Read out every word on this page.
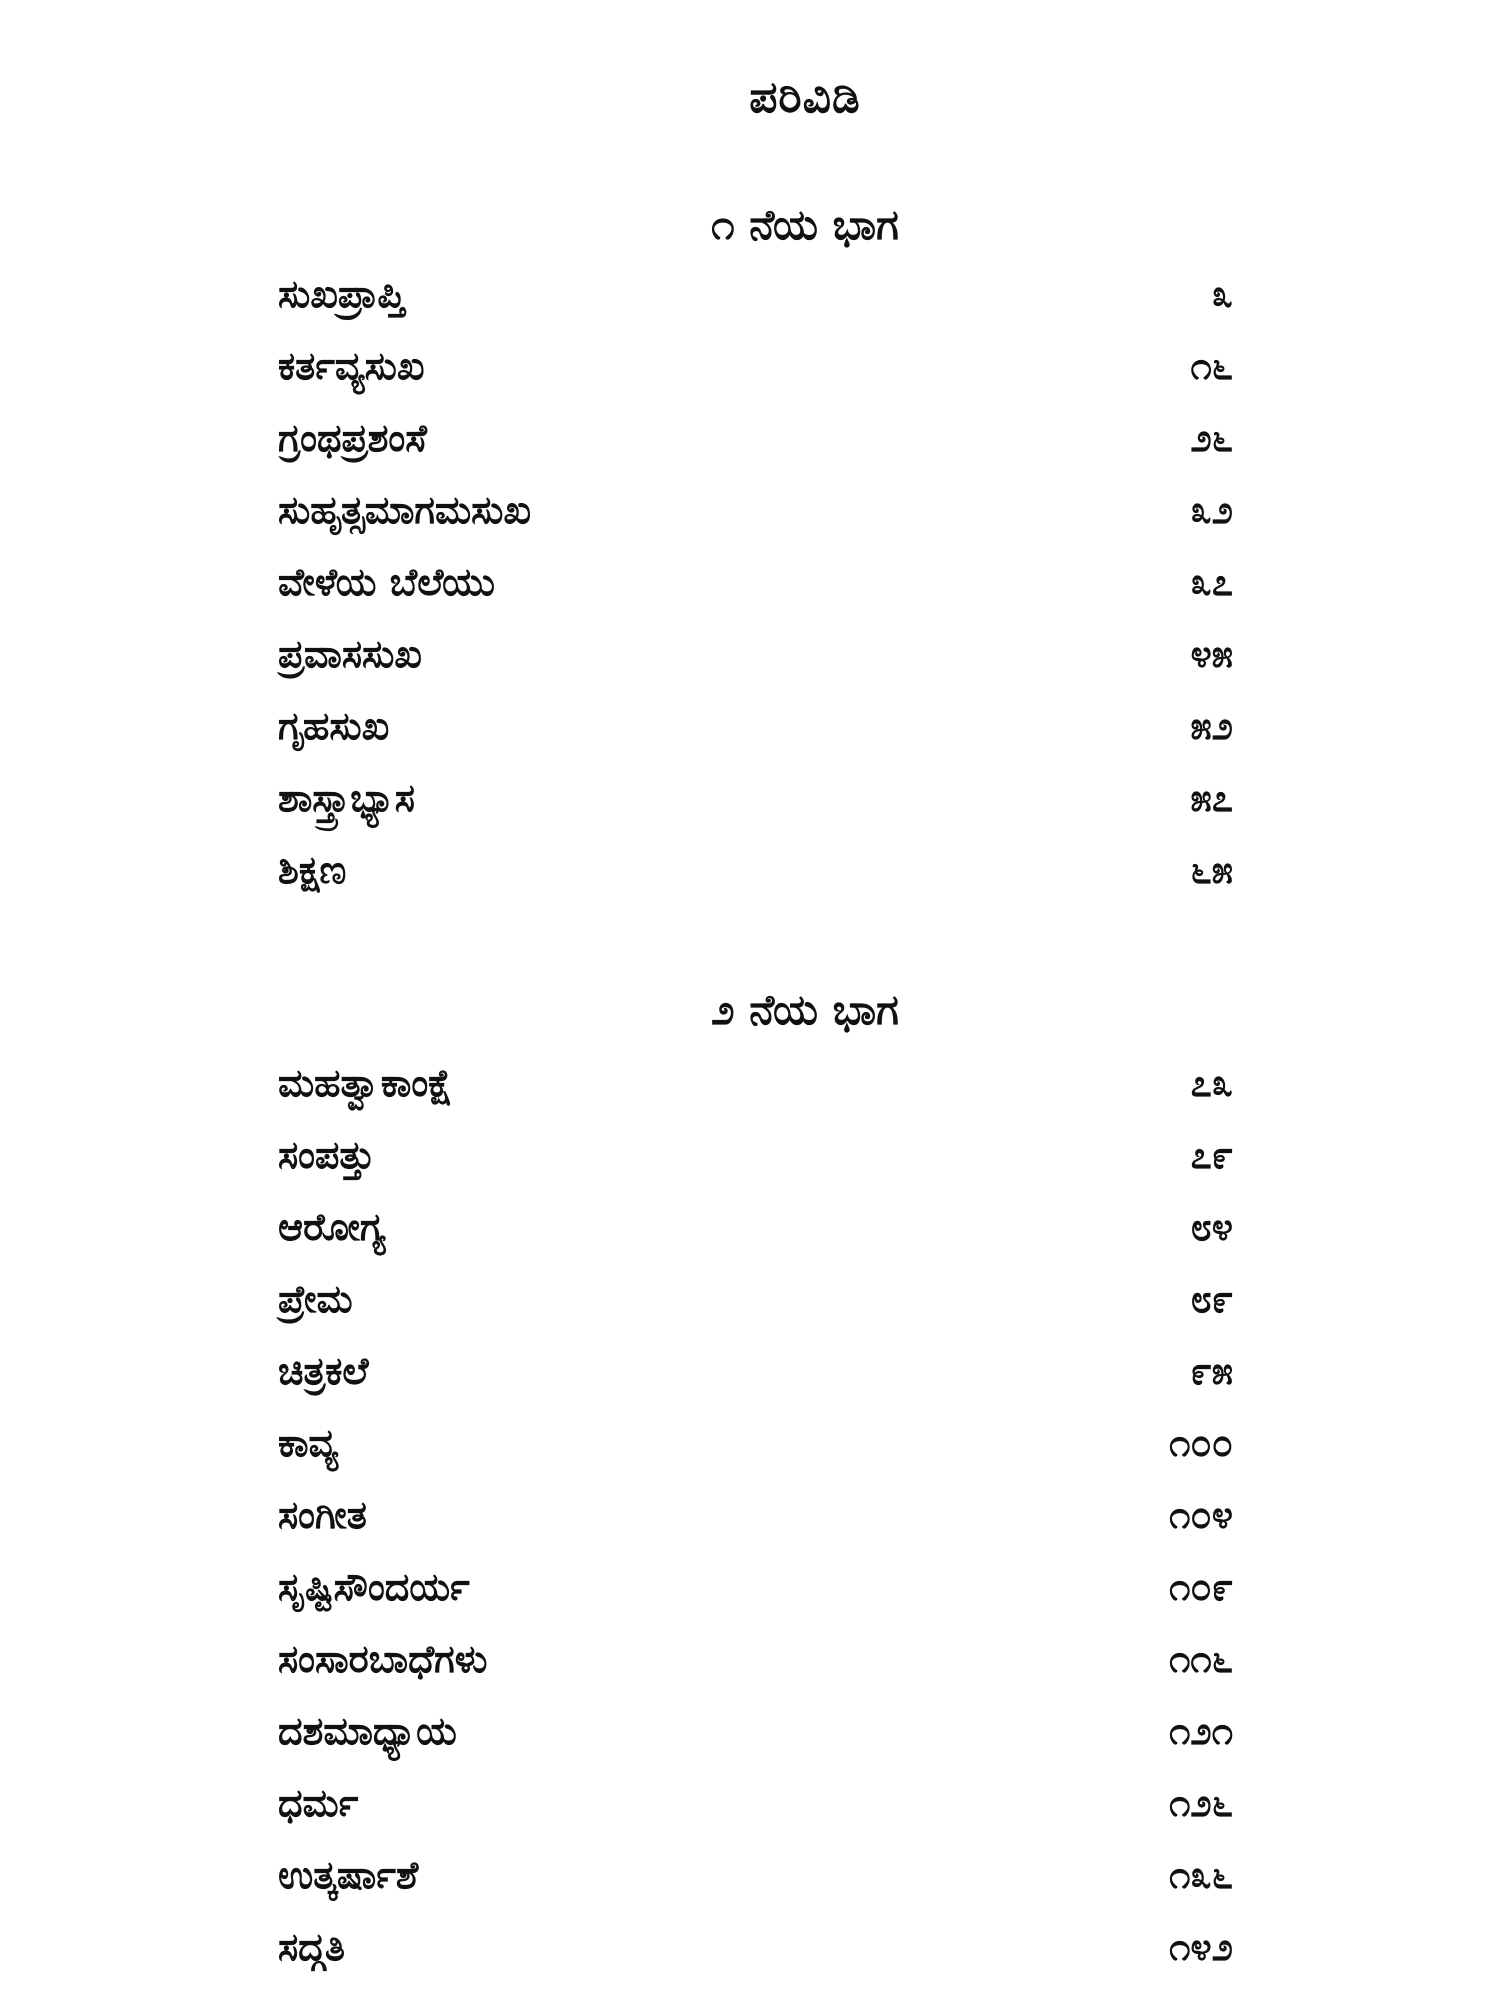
ಪರಿವಿಡಿ
೧ ನೆಯ ಭಾಗ
ಸುಖಪ್ರಾಪ್ತಿ	೩
ಕರ್ತವ್ಯಸುಖ	೧೬
ಗ್ರಂಥಪ್ರಶಂಸೆ	೨೬
ಸುಹೃತ್ಸಮಾಗಮಸುಖ	೩೨
ವೇಳೆಯ ಬೆಲೆಯು	೩೭
ಪ್ರವಾಸಸುಖ	೪೫
ಗೃಹಸುಖ	೫೨
ಶಾಸ್ತ್ರಾಭ್ಯಾಸ	೫೭
ಶಿಕ್ಷಣ	೬೫
೨ ನೆಯ ಭಾಗ
ಮಹತ್ವಾಕಾಂಕ್ಷೆ	೭೩
ಸಂಪತ್ತು	೭೯
ಆರೋಗ್ಯ	೮೪
ಪ್ರೇಮ	೮೯
ಚಿತ್ರಕಲೆ	೯೫
ಕಾವ್ಯ	೧೦೦
ಸಂಗೀತ	೧೦೪
ಸೃಷ್ಟಿಸೌಂದರ್ಯ	೧೦೯
ಸಂಸಾರಬಾಧೆಗಳು	೧೧೬
ದಶಮಾಧ್ಯಾಯ	೧೨೧
ಧರ್ಮ	೧೨೬
ಉತ್ಕರ್ಷಾಶೆ	೧೩೬
ಸದ್ಗತಿ	೧೪೨
